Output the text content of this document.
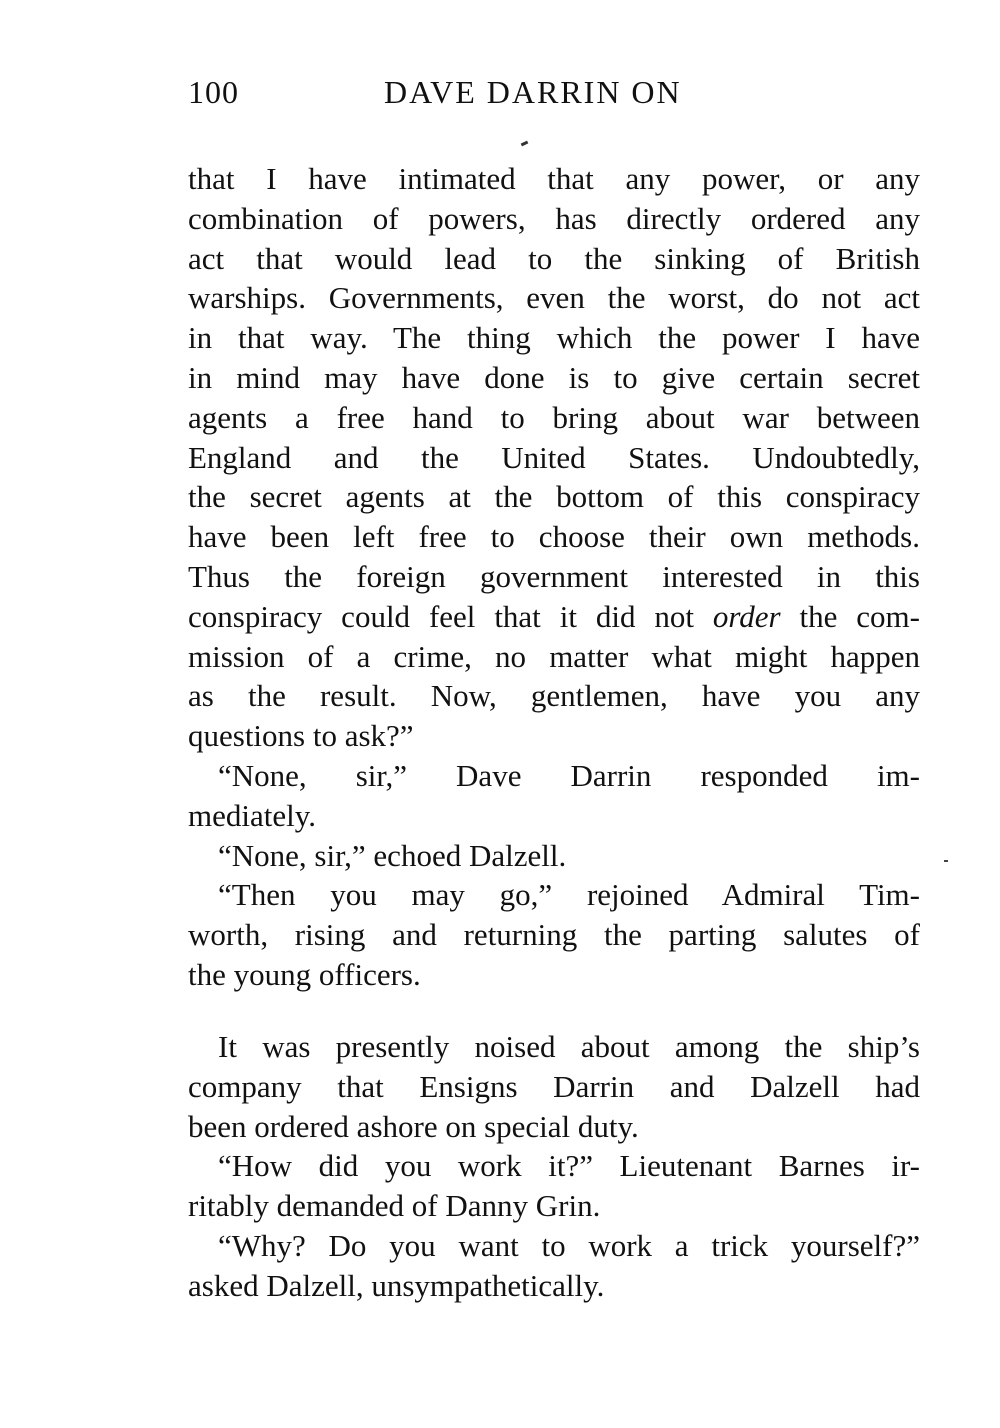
100	DAVE DARRIN ON
that I have intimated that any power, or any
combination of powers, has directly ordered any
act that would lead to the sinking of British
warships. Governments, even the worst, do not act
in that way. The thing which the power I have
in mind may have done is to give certain secret
agents a free hand to bring about war between
England and the United States. Undoubtedly,
the secret agents at the bottom of this conspiracy
have been left free to choose their own methods.
Thus the foreign government interested in this
conspiracy could feel that it did not order the com-
mission of a crime, no matter what might happen
as the result. Now, gentlemen, have you any
questions to ask?”
“None, sir,” Dave Darrin responded im-
mediately.
“None, sir,” echoed Dalzell.
“Then you may go,” rejoined Admiral Tim-
worth, rising and returning the parting salutes of
the young officers.
It was presently noised about among the ship’s
company that Ensigns Darrin and Dalzell had
been ordered ashore on special duty.
“How did you work it?” Lieutenant Barnes ir-
ritably demanded of Danny Grin.
“Why? Do you want to work a trick yourself?”
asked Dalzell, unsympathetically.
